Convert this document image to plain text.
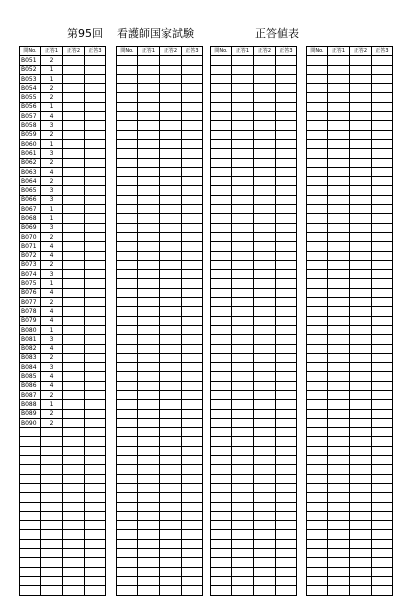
第95回 看護師国家試験	正答値表
問No.	正答1	正答2	正答3
B051	2		
B052	1		
B053	1		
B054	2		
B055	2		
B056	1		
B057	4		
B058	3		
B059	2		
B060	1		
B061	3		
B062	2		
B063	4		
B064	2		
B065	3		
B066	3		
B067	1		
B068	1		
B069	3		
B070	2		
B071	4		
B072	4		
B073	2		
B074	3		
B075	1		
B076	4		
B077	2		
B078	4		
B079	4		
B080	1		
B081	3		
B082	4		
B083	2		
B084	3		
B085	4		
B086	4		
B087	2		
B088	1		
B089	2		
B090	2		

問No.	正答1	正答2	正答3

				問No.	正答1	正答2	正答3

				問No.	正答1	正答2	正答3
